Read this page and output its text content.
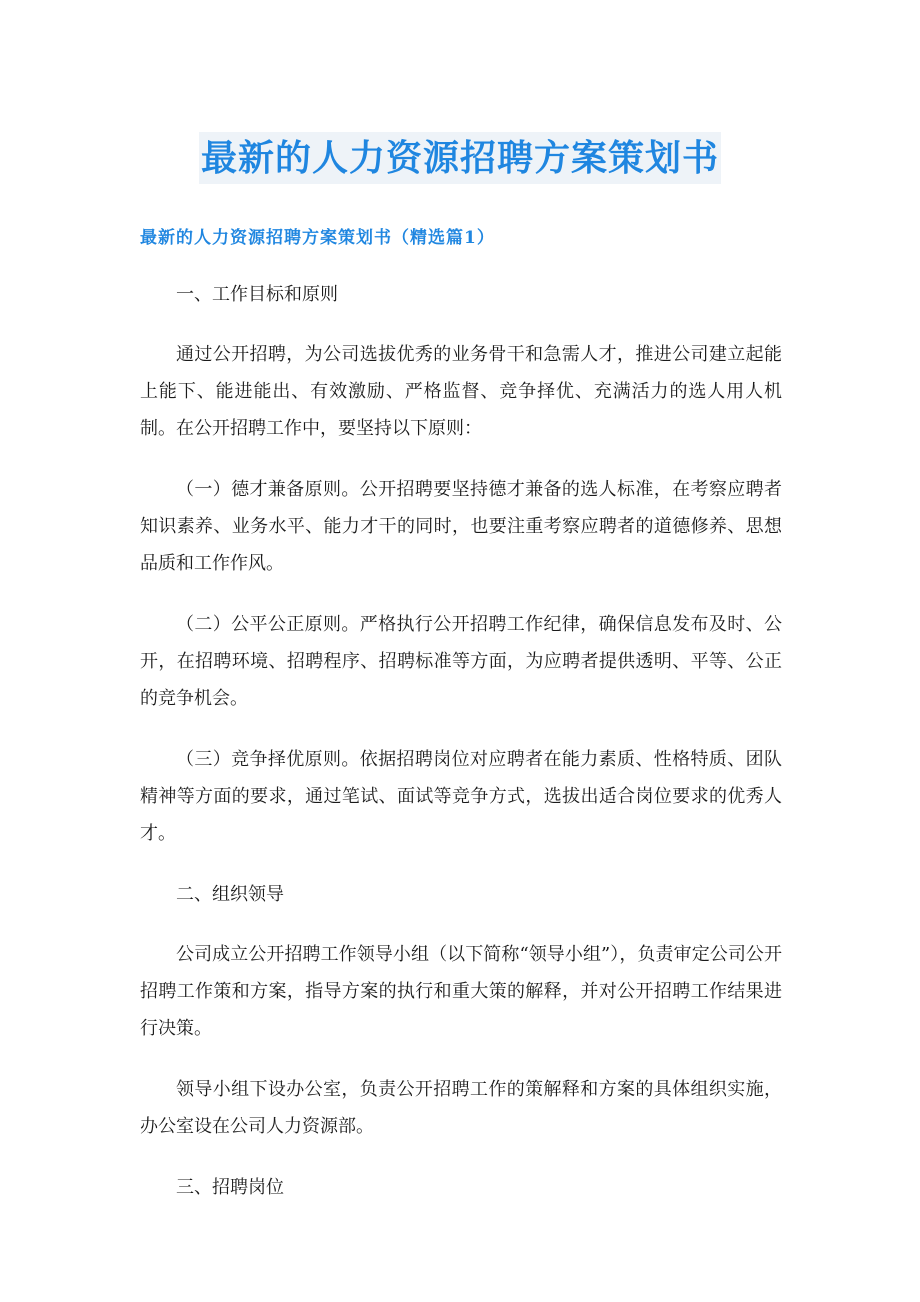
最新的人力资源招聘方案策划书
最新的人力资源招聘方案策划书（精选篇1）

一、工作目标和原则

通过公开招聘，为公司选拔优秀的业务骨干和急需人才，推进公司建立起能上能下、能进能出、有效激励、严格监督、竞争择优、充满活力的选人用人机制。在公开招聘工作中，要坚持以下原则：

（一）德才兼备原则。公开招聘要坚持德才兼备的选人标准，在考察应聘者知识素养、业务水平、能力才干的同时，也要注重考察应聘者的道德修养、思想品质和工作作风。

（二）公平公正原则。严格执行公开招聘工作纪律，确保信息发布及时、公开，在招聘环境、招聘程序、招聘标准等方面，为应聘者提供透明、平等、公正的竞争机会。

（三）竞争择优原则。依据招聘岗位对应聘者在能力素质、性格特质、团队精神等方面的要求，通过笔试、面试等竞争方式，选拔出适合岗位要求的优秀人才。

二、组织领导

公司成立公开招聘工作领导小组（以下简称“领导小组”），负责审定公司公开招聘工作策和方案，指导方案的执行和重大策的解释，并对公开招聘工作结果进行决策。

领导小组下设办公室，负责公开招聘工作的策解释和方案的具体组织实施，办公室设在公司人力资源部。

三、招聘岗位
